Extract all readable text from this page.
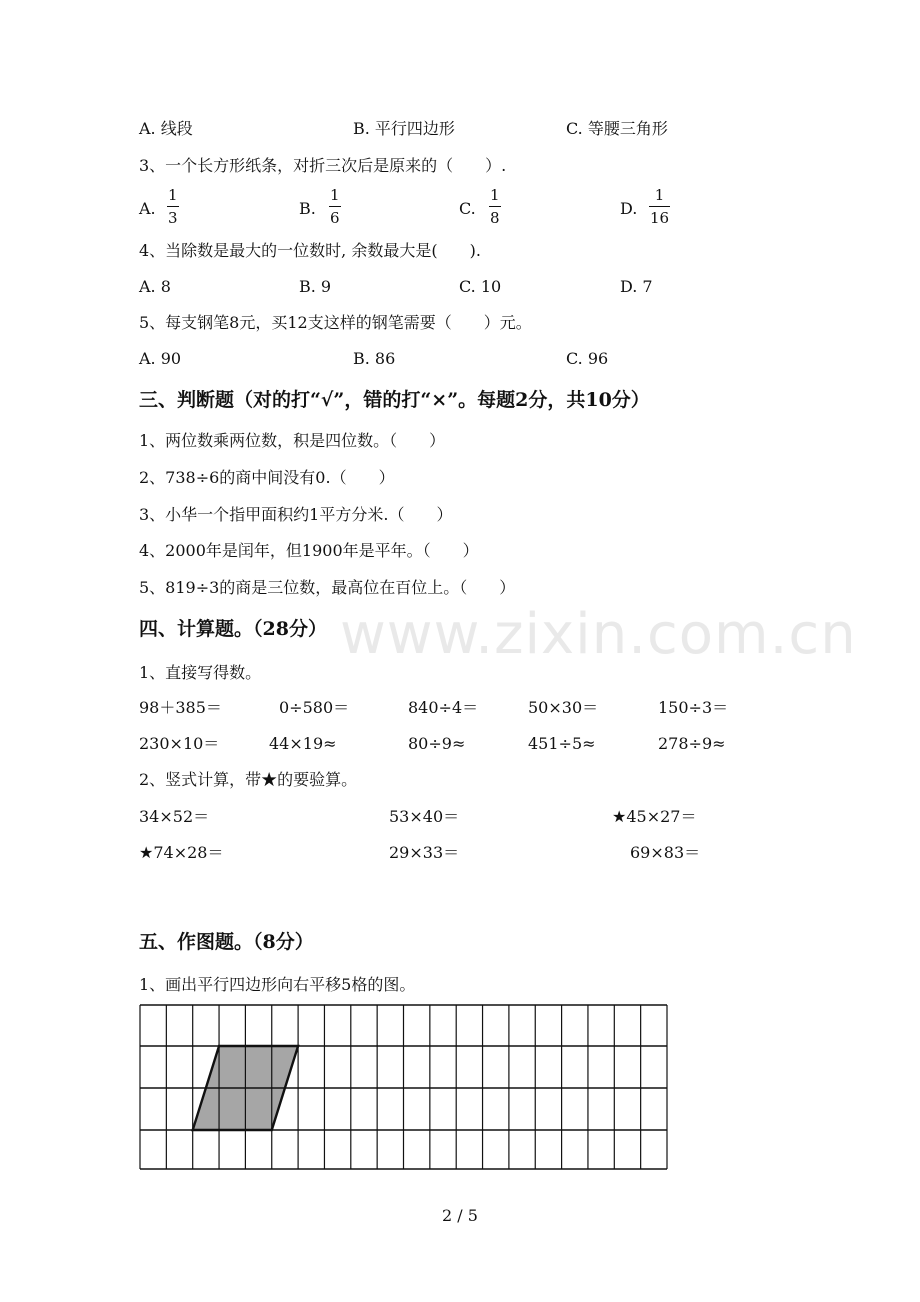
www.zixin.com.cn
A. 线段	B. 平行四边形	C. 等腰三角形
3、一个长方形纸条，对折三次后是原来的（　　）.
A.
1
3	B.
1
6	C.
1
8	D.
1
16
4、当除数是最大的一位数时, 余数最大是(　　).
A. 8	B. 9	C. 10	D. 7
5、每支钢笔8元，买12支这样的钢笔需要（　　）元。
A. 90	B. 86	C. 96
三、判断题（对的打“√”，错的打“×”。每题2分，共10分）
1、两位数乘两位数，积是四位数。（　　）
2、738÷6的商中间没有0.（　　）
3、小华一个指甲面积约1平方分米.（　　）
4、2000年是闰年，但1900年是平年。（　　）
5、819÷3的商是三位数，最高位在百位上。（　　）
四、计算题。（28分）
1、直接写得数。
98＋385＝	0÷580＝	840÷4＝	50×30＝	150÷3＝
230×10＝	44×19≈	80÷9≈	451÷5≈	278÷9≈
2、竖式计算，带★的要验算。
34×52＝	53×40＝	★45×27＝
★74×28＝	29×33＝	69×83＝
五、作图题。（8分）
1、画出平行四边形向右平移5格的图。
2 / 5
